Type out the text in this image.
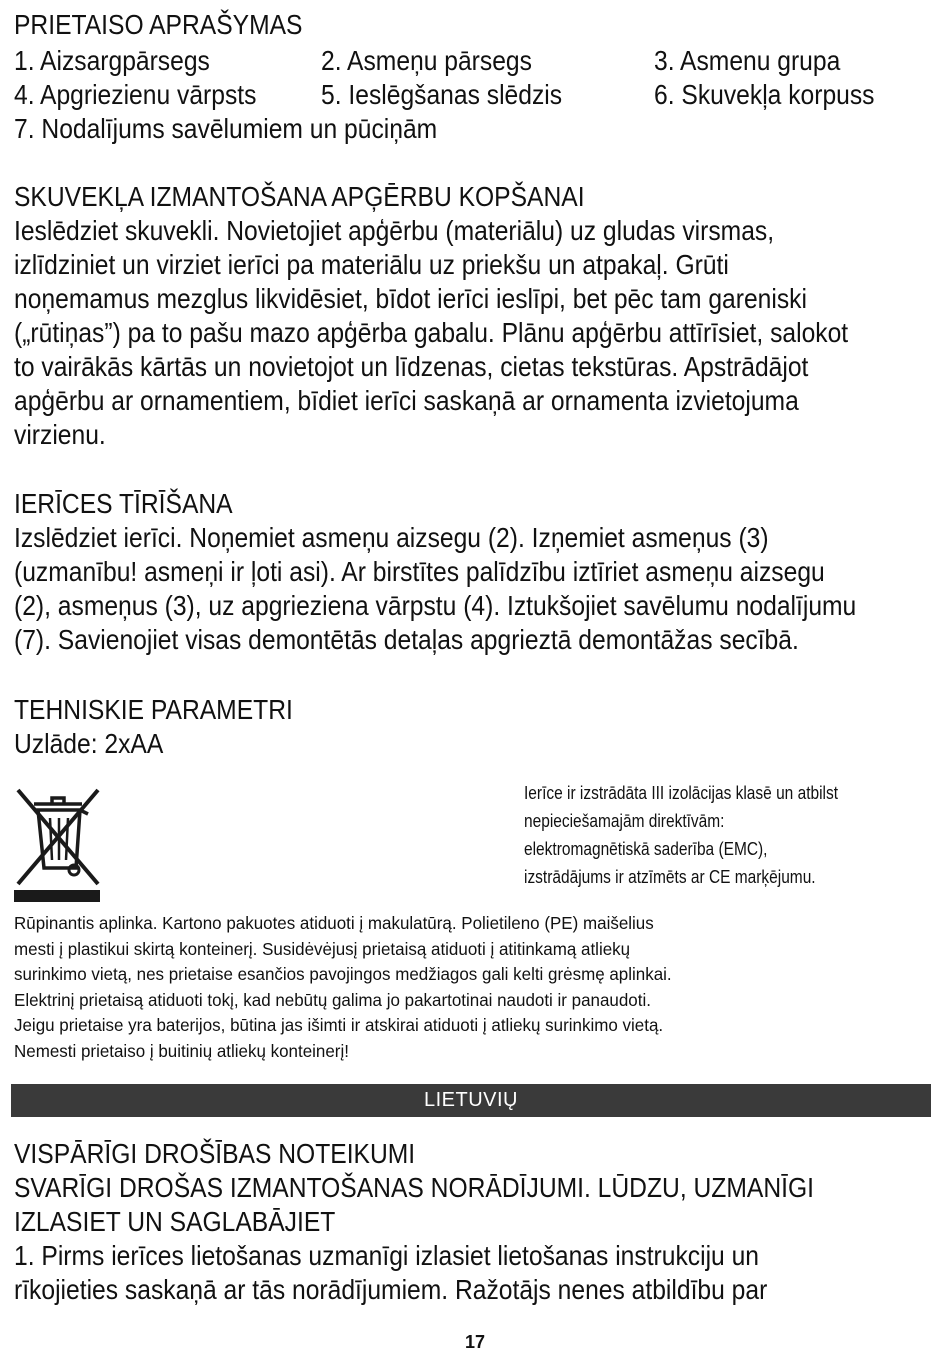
PRIETAISO APRAŠYMAS

1. Aizsargpārsegs	2. Asmeņu pārsegs	3. Asmenu grupa
4. Apgriezienu vārpsts 5. Ieslēgšanas slēdzis	6. Skuvekļa korpuss
7. Nodalījums savēlumiem un pūciņām

SKUVEKĻA IZMANTOŠANA APĢĒRBU KOPŠANAI

Ieslēdziet skuvekli. Novietojiet apģērbu (materiālu) uz gludas virsmas,

izlīdziniet un virziet ierīci pa materiālu uz priekšu un atpakaļ. Grūti

noņemamus mezglus likvidēsiet, bīdot ierīci ieslīpi, bet pēc tam gareniski

(„rūtiņas”) pa to pašu mazo apģērba gabalu. Plānu apģērbu attīrīsiet, salokot

to vairākās kārtās un novietojot un līdzenas, cietas tekstūras. Apstrādājot

apģērbu ar ornamentiem, bīdiet ierīci saskaņā ar ornamenta izvietojuma

virzienu.

IERĪCES TĪRĪŠANA

Izslēdziet ierīci. Noņemiet asmeņu aizsegu (2). Izņemiet asmeņus (3)

(uzmanību! asmeņi ir ļoti asi). Ar birstītes palīdzību iztīriet asmeņu aizsegu

(2), asmeņus (3), uz apgrieziena vārpstu (4). Iztukšojiet savēlumu nodalījumu

(7). Savienojiet visas demontētās detaļas apgrieztā demontāžas secībā.

TEHNISKIE PARAMETRI

Uzlāde: 2xAA

Ierīce ir izstrādāta III izolācijas klasē un atbilst
nepieciešamajām direktīvām:
elektromagnētiskā saderība (EMC),
izstrādājums ir atzīmēts ar CE marķējumu.

Rūpinantis aplinka. Kartono pakuotes atiduoti į makulatūrą. Polietileno (PE) maišelius

mesti į plastikui skirtą konteinerį. Susidėvėjusį prietaisą atiduoti į atitinkamą atliekų

surinkimo vietą, nes prietaise esančios pavojingos medžiagos gali kelti grėsmę aplinkai.

Elektrinį prietaisą atiduoti tokį, kad nebūtų galima jo pakartotinai naudoti ir panaudoti.

Jeigu prietaise yra baterijos, būtina jas išimti ir atskirai atiduoti į atliekų surinkimo vietą.

Nemesti prietaiso į buitinių atliekų konteinerį!

LIETUVIŲ

VISPĀRĪGI DROŠĪBAS NOTEIKUMI

SVARĪGI DROŠAS IZMANTOŠANAS NORĀDĪJUMI. LŪDZU, UZMANĪGI

IZLASIET UN SAGLABĀJIET

1. Pirms ierīces lietošanas uzmanīgi izlasiet lietošanas instrukciju un

rīkojieties saskaņā ar tās norādījumiem. Ražotājs nenes atbildību par

17
